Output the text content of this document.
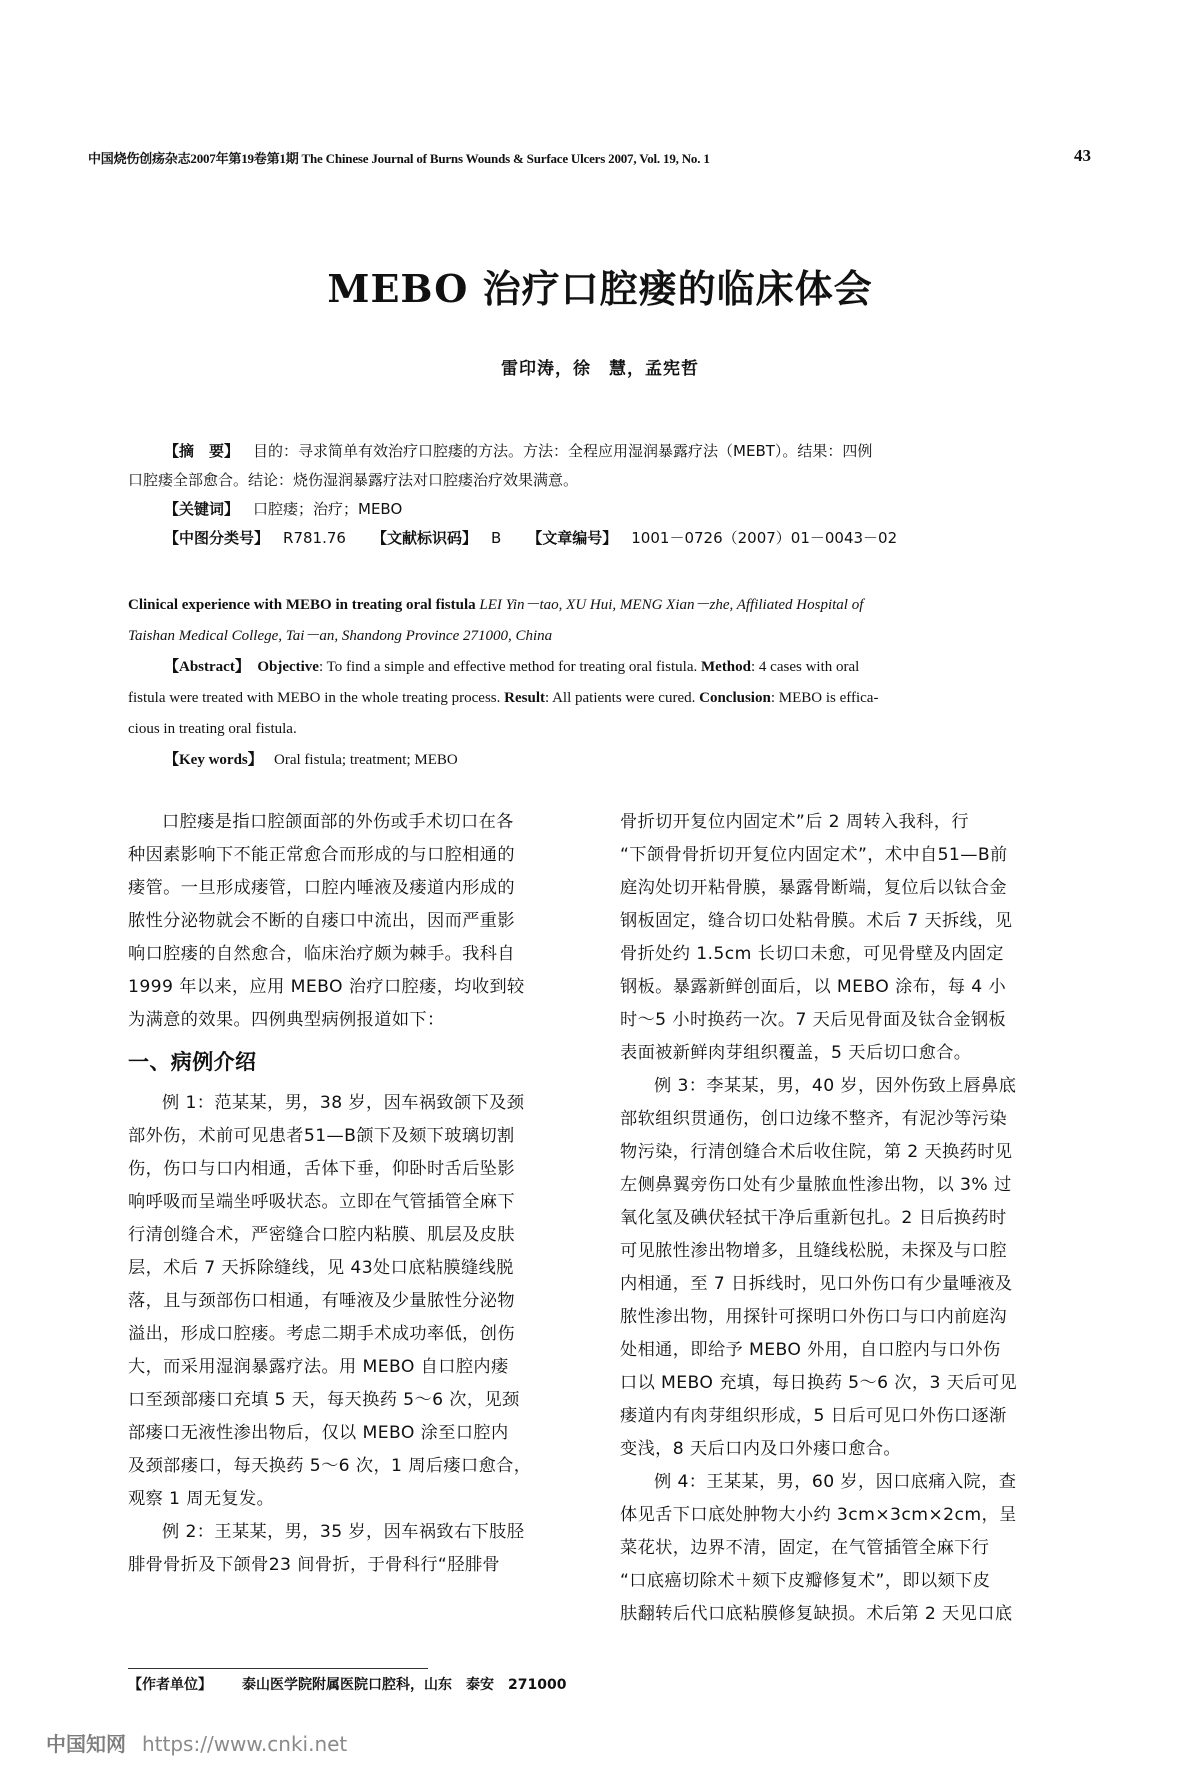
中国烧伤创疡杂志2007年第19卷第1期 The Chinese Journal of Burns Wounds & Surface Ulcers 2007, Vol. 19, No. 1	43
MEBO 治疗口腔瘘的临床体会
雷印涛，徐　慧，孟宪哲
【摘　要】 目的：寻求简单有效治疗口腔瘘的方法。方法：全程应用湿润暴露疗法（MEBT）。结果：四例
口腔瘘全部愈合。结论：烧伤湿润暴露疗法对口腔瘘治疗效果满意。
【关键词】 口腔瘘；治疗；MEBO
【中图分类号】 R781.76 【文献标识码】 B 【文章编号】 1001－0726（2007）01－0043－02
Clinical experience with MEBO in treating oral fistula LEI Yin－tao, XU Hui, MENG Xian－zhe, Affiliated Hospital of
Taishan Medical College, Tai－an, Shandong Province 271000, China
【Abstract】 Objective: To find a simple and effective method for treating oral fistula. Method: 4 cases with oral
fistula were treated with MEBO in the whole treating process. Result: All patients were cured. Conclusion: MEBO is effica-
cious in treating oral fistula.
【Key words】 Oral fistula; treatment; MEBO
口腔瘘是指口腔颌面部的外伤或手术切口在各
种因素影响下不能正常愈合而形成的与口腔相通的
瘘管。一旦形成瘘管，口腔内唾液及瘘道内形成的
脓性分泌物就会不断的自瘘口中流出，因而严重影
响口腔瘘的自然愈合，临床治疗颇为棘手。我科自
1999 年以来，应用 MEBO 治疗口腔瘘，均收到较
为满意的效果。四例典型病例报道如下：
一、病例介绍
例 1：范某某，男，38 岁，因车祸致颌下及颈
部外伤，术前可见患者51—B颌下及颏下玻璃切割
伤，伤口与口内相通，舌体下垂，仰卧时舌后坠影
响呼吸而呈端坐呼吸状态。立即在气管插管全麻下
行清创缝合术，严密缝合口腔内粘膜、肌层及皮肤
层，术后 7 天拆除缝线，见 43处口底粘膜缝线脱
落，且与颈部伤口相通，有唾液及少量脓性分泌物
溢出，形成口腔瘘。考虑二期手术成功率低，创伤
大，而采用湿润暴露疗法。用 MEBO 自口腔内瘘
口至颈部瘘口充填 5 天，每天换药 5～6 次，见颈
部瘘口无液性渗出物后，仅以 MEBO 涂至口腔内
及颈部瘘口，每天换药 5～6 次，1 周后瘘口愈合，
观察 1 周无复发。
例 2：王某某，男，35 岁，因车祸致右下肢胫
腓骨骨折及下颌骨23 间骨折，于骨科行“胫腓骨
骨折切开复位内固定术”后 2 周转入我科，行
“下颌骨骨折切开复位内固定术”，术中自51—B前
庭沟处切开粘骨膜，暴露骨断端，复位后以钛合金
钢板固定，缝合切口处粘骨膜。术后 7 天拆线，见
骨折处约 1.5cm 长切口未愈，可见骨壁及内固定
钢板。暴露新鲜创面后，以 MEBO 涂布，每 4 小
时～5 小时换药一次。7 天后见骨面及钛合金钢板
表面被新鲜肉芽组织覆盖，5 天后切口愈合。
例 3：李某某，男，40 岁，因外伤致上唇鼻底
部软组织贯通伤，创口边缘不整齐，有泥沙等污染
物污染，行清创缝合术后收住院，第 2 天换药时见
左侧鼻翼旁伤口处有少量脓血性渗出物，以 3% 过
氧化氢及碘伏轻拭干净后重新包扎。2 日后换药时
可见脓性渗出物增多，且缝线松脱，未探及与口腔
内相通，至 7 日拆线时，见口外伤口有少量唾液及
脓性渗出物，用探针可探明口外伤口与口内前庭沟
处相通，即给予 MEBO 外用，自口腔内与口外伤
口以 MEBO 充填，每日换药 5～6 次，3 天后可见
瘘道内有肉芽组织形成，5 日后可见口外伤口逐渐
变浅，8 天后口内及口外瘘口愈合。
例 4：王某某，男，60 岁，因口底痛入院，查
体见舌下口底处肿物大小约 3cm×3cm×2cm，呈
菜花状，边界不清，固定，在气管插管全麻下行
“口底癌切除术＋颏下皮瓣修复术”，即以颏下皮
肤翻转后代口底粘膜修复缺损。术后第 2 天见口底
【作者单位】 泰山医学院附属医院口腔科，山东　泰安　271000
中国知网 https://www.cnki.net
